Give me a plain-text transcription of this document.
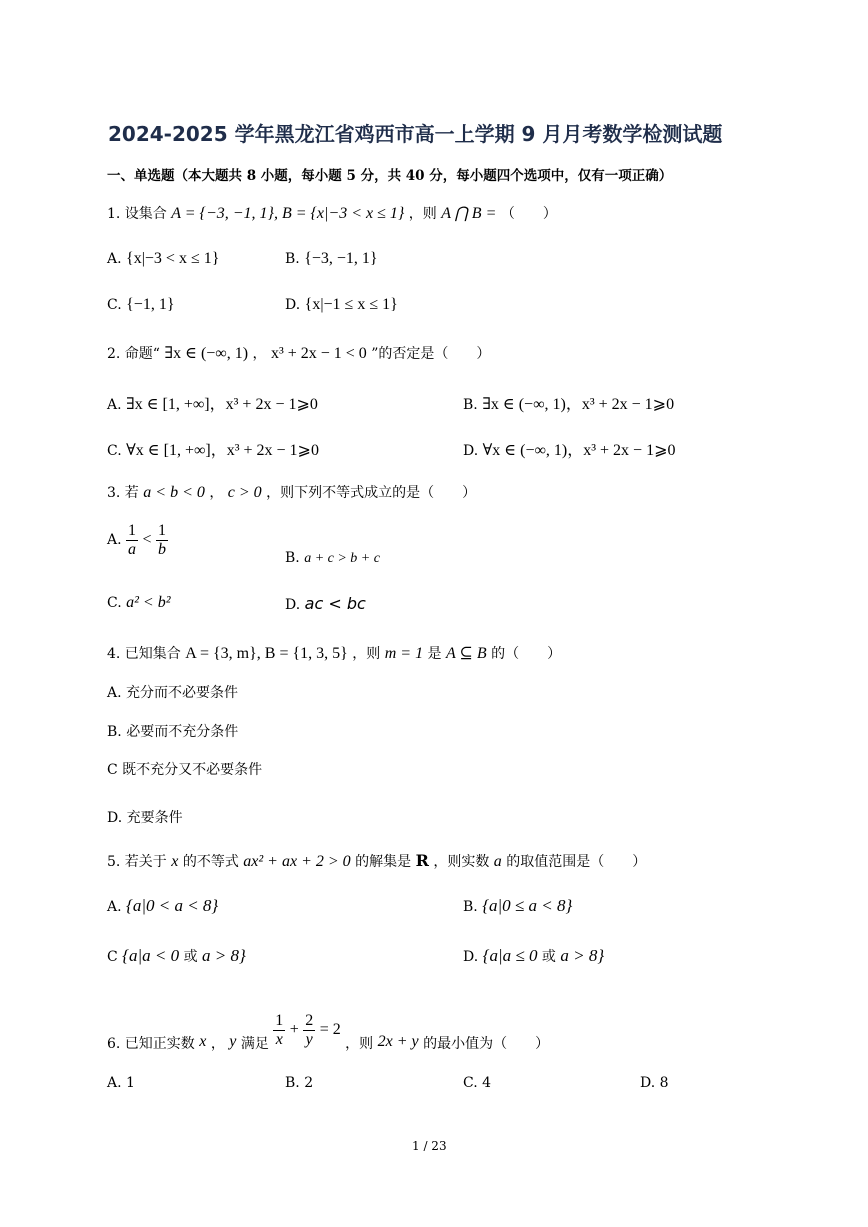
2024-2025 学年黑龙江省鸡西市高一上学期 9 月月考数学检测试题
一、单选题（本大题共 8 小题，每小题 5 分，共 40 分，每小题四个选项中，仅有一项正确）
1. 设集合 A = {−3, −1, 1}, B = {x|−3 < x ≤ 1} ，则 A ⋂ B = （　　）
A. {x|−3 < x ≤ 1}	B. {−3, −1, 1}
C. {−1, 1}	D. {x|−1 ≤ x ≤ 1}
2. 命题“ ∃x ∈ (−∞, 1) ， x³ + 2x − 1 < 0 ”的否定是（　　）
A. ∃x ∈ [1, +∞]，x³ + 2x − 1⩾0	B. ∃x ∈ (−∞, 1)，x³ + 2x − 1⩾0
C. ∀x ∈ [1, +∞]，x³ + 2x − 1⩾0	D. ∀x ∈ (−∞, 1)，x³ + 2x − 1⩾0
3. 若 a < b < 0 ， c > 0 ，则下列不等式成立的是（　　）
A. $\frac{1}{a} < \frac{1}{b}$	B. a + c > b + c
C. a² < b²	D. ac < bc
4. 已知集合 A = {3, m}, B = {1, 3, 5} ，则 m = 1 是 A ⊆ B 的（　　）
A. 充分而不必要条件
B. 必要而不充分条件
C 既不充分又不必要条件
D. 充要条件
5. 若关于 x 的不等式 ax² + ax + 2 > 0 的解集是 R ，则实数 a 的取值范围是（　　）
A. {a|0 < a < 8}	B. {a|0 ≤ a < 8}
C {a|a < 0 或 a > 8}	D. {a|a ≤ 0 或 a > 8}
6. 已知正实数 x ， y 满足 $\frac{1}{x} + \frac{2}{y} = 2$ ，则 2x + y 的最小值为（　　）
A. 1	B. 2	C. 4	D. 8
1 / 23
